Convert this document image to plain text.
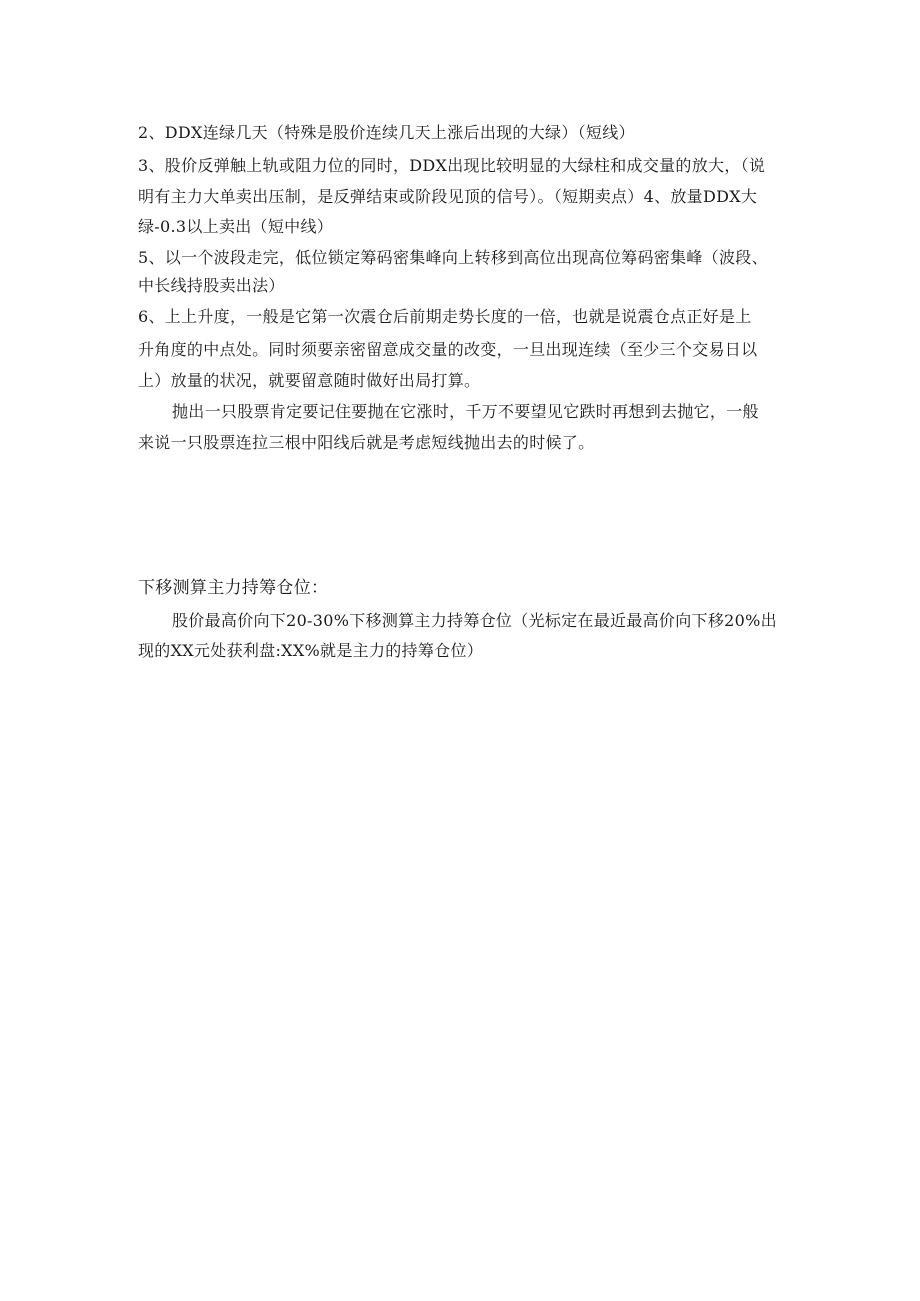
2、DDX连绿几天（特殊是股价连续几天上涨后出现的大绿）（短线）
3、股价反弹触上轨或阻力位的同时，DDX出现比较明显的大绿柱和成交量的放大，（说
明有主力大单卖出压制，是反弹结束或阶段见顶的信号）。（短期卖点）4、放量DDX大
绿-0.3以上卖出（短中线）
5、以一个波段走完，低位锁定筹码密集峰向上转移到高位出现高位筹码密集峰（波段、
中长线持股卖出法）
6、上上升度，一般是它第一次震仓后前期走势长度的一倍，也就是说震仓点正好是上
升角度的中点处。同时须要亲密留意成交量的改变，一旦出现连续（至少三个交易日以
上）放量的状况，就要留意随时做好出局打算。
抛出一只股票肯定要记住要抛在它涨时，千万不要望见它跌时再想到去抛它，一般
来说一只股票连拉三根中阳线后就是考虑短线抛出去的时候了。
下移测算主力持筹仓位：
股价最高价向下20-30%下移测算主力持筹仓位（光标定在最近最高价向下移20%出
现的XX元处获利盘:XX%就是主力的持筹仓位）
